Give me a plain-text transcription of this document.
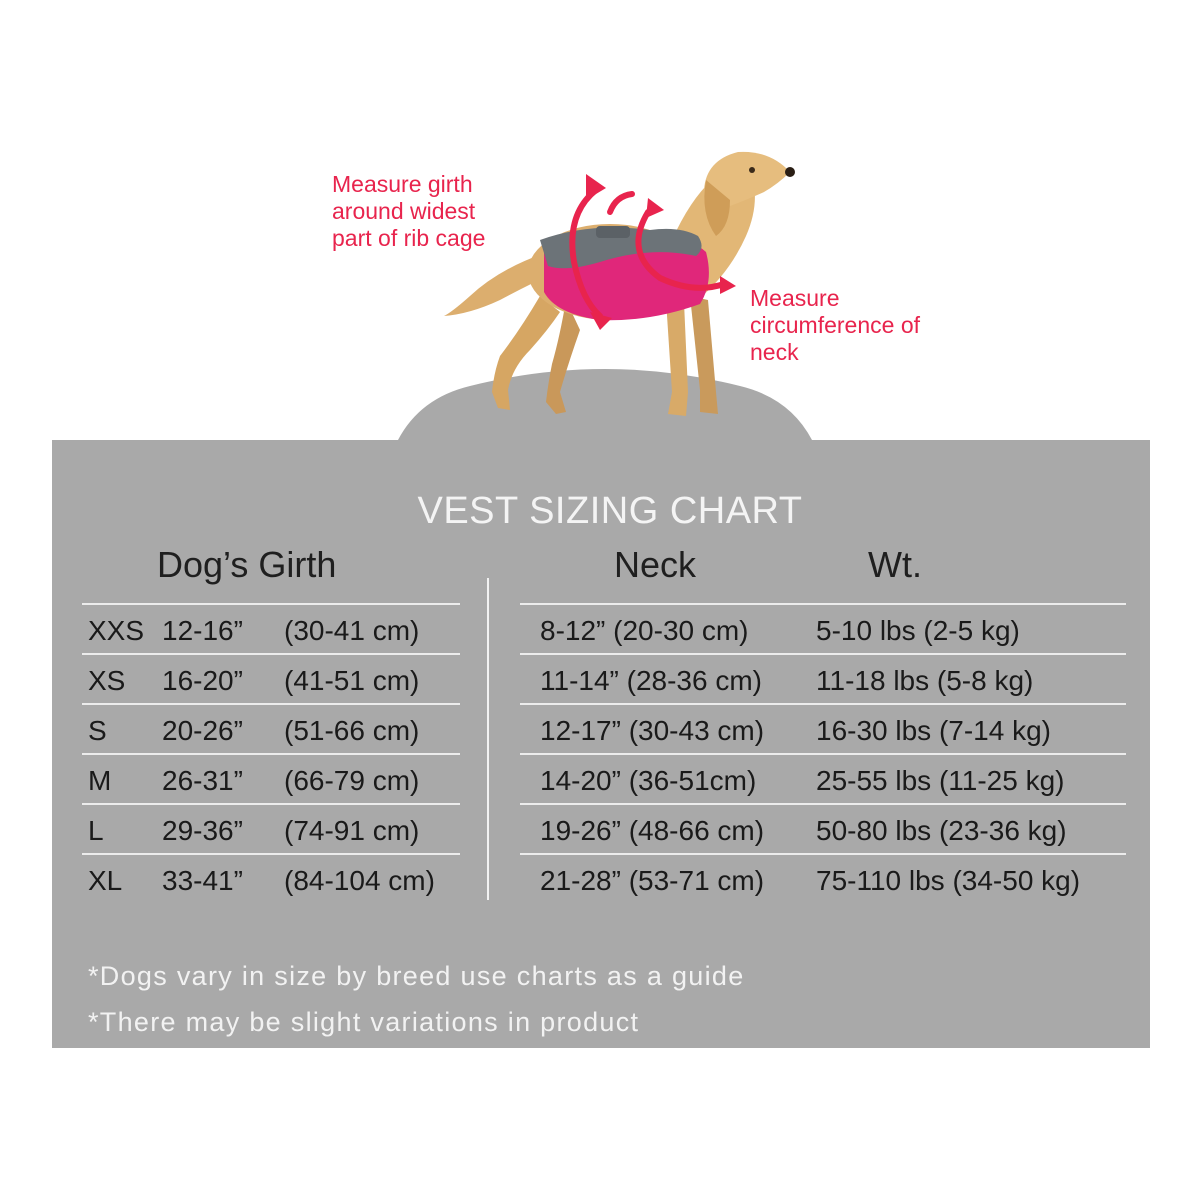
Measure girth around widest part of rib cage
Measure circumference of neck
VEST SIZING CHART
Dog’s Girth	Neck	Wt.
XXS 12-16” (30-41 cm)
XS 16-20” (41-51 cm)
S 20-26” (51-66 cm)
M 26-31” (66-79 cm)
L 29-36” (74-91 cm)
XL 33-41” (84-104 cm)
8-12” (20-30 cm) 5-10 lbs (2-5 kg)
11-14” (28-36 cm) 11-18 lbs (5-8 kg)
12-17” (30-43 cm) 16-30 lbs (7-14 kg)
14-20” (36-51cm) 25-55 lbs (11-25 kg)
19-26” (48-66 cm) 50-80 lbs (23-36 kg)
21-28” (53-71 cm) 75-110 lbs (34-50 kg)
*Dogs vary in size by breed use charts as a guide
*There may be slight variations in product
